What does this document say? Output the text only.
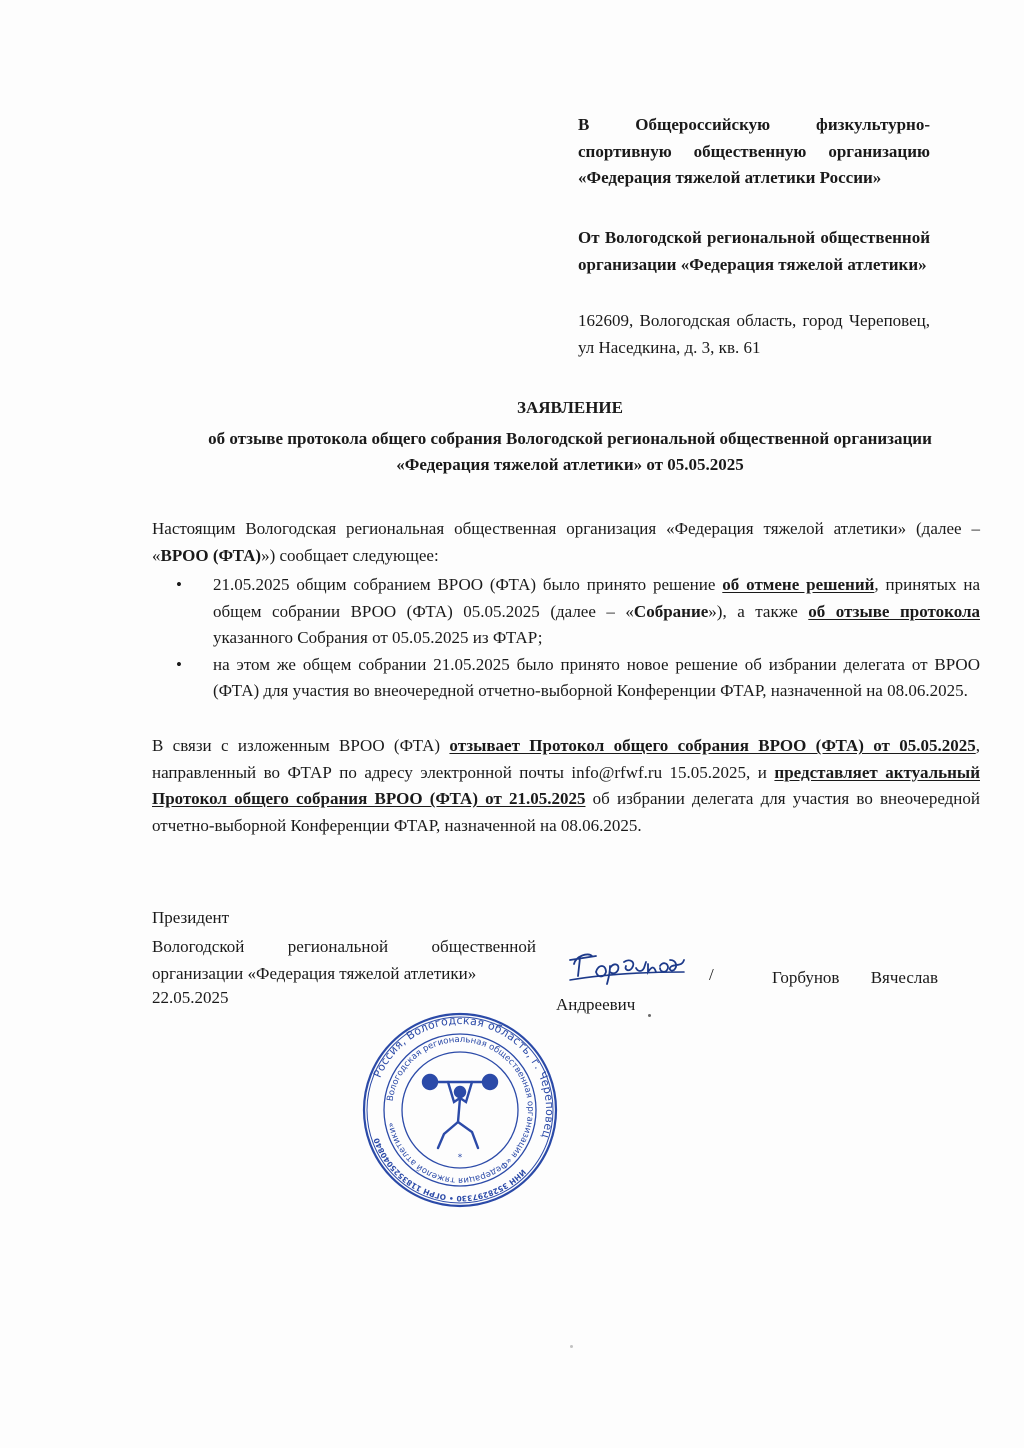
В Общероссийскую физкультурно-спортивную общественную организацию «Федерация тяжелой атлетики России»
От Вологодской региональной общественной организации «Федерация тяжелой атлетики»
162609, Вологодская область, город Череповец, ул Наседкина, д. 3, кв. 61
ЗАЯВЛЕНИЕ
об отзыве протокола общего собрания Вологодской региональной общественной организации
«Федерация тяжелой атлетики» от 05.05.2025
Настоящим Вологодская региональная общественная организация «Федерация тяжелой атлетики» (далее – «ВРОО (ФТА)») сообщает следующее:
• 21.05.2025 общим собранием ВРОО (ФТА) было принято решение об отмене решений, принятых на общем собрании ВРОО (ФТА) 05.05.2025 (далее – «Собрание»), а также об отзыве протокола указанного Собрания от 05.05.2025 из ФТАР;
• на этом же общем собрании 21.05.2025 было принято новое решение об избрании делегата от ВРОО (ФТА) для участия во внеочередной отчетно-выборной Конференции ФТАР, назначенной на 08.06.2025.
В связи с изложенным ВРОО (ФТА) отзывает Протокол общего собрания ВРОО (ФТА) от 05.05.2025, направленный во ФТАР по адресу электронной почты info@rfwf.ru 15.05.2025, и представляет актуальный Протокол общего собрания ВРОО (ФТА) от 21.05.2025 об избрании делегата для участия во внеочередной отчетно-выборной Конференции ФТАР, назначенной на 08.06.2025.
Президент
Вологодской региональной общественной организации «Федерация тяжелой атлетики»
22.05.2025
/	Горбунов Вячеслав
Андреевич
Россия, Вологодская область, г. Череповец
ИНН 3528297330 • ОГРН 1183525040840
Вологодская региональная общественная организация «Федерация тяжелой атлетики»
*
